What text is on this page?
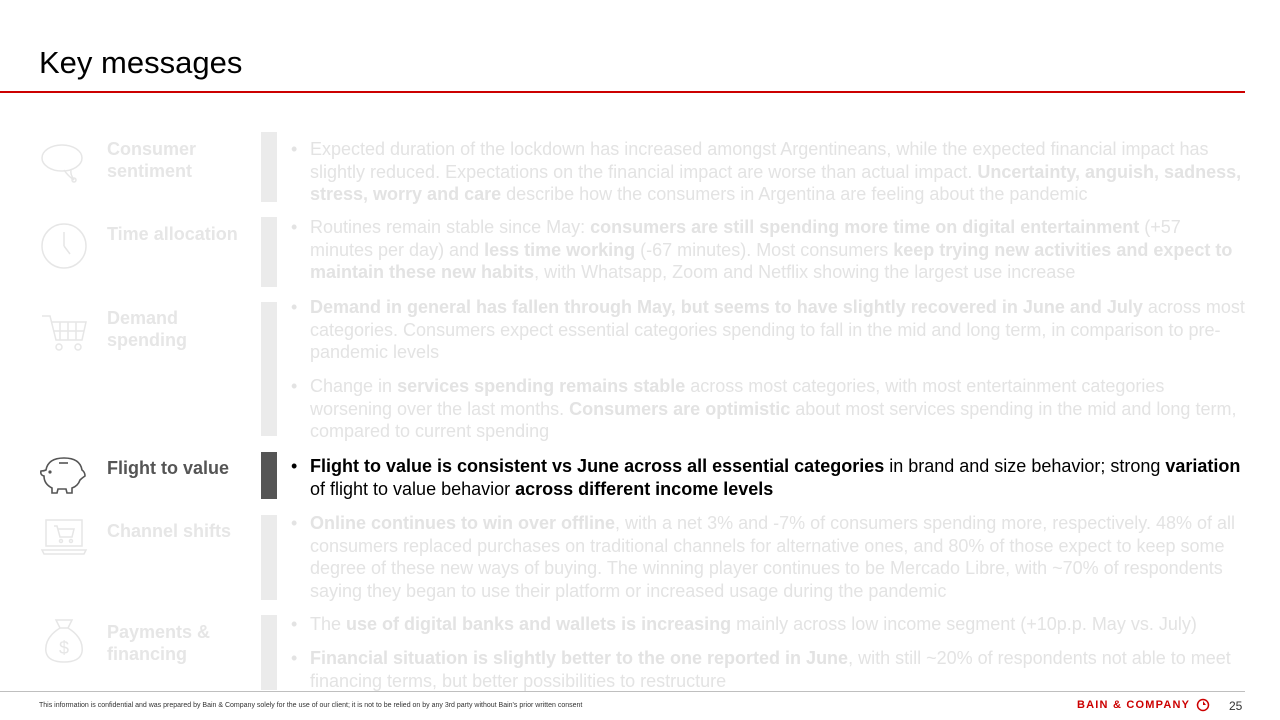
Key messages
Consumer sentiment
• Expected duration of the lockdown has increased amongst Argentineans, while the expected financial impact has slightly reduced. Expectations on the financial impact are worse than actual impact. Uncertainty, anguish, sadness, stress, worry and care describe how the consumers in Argentina are feeling about the pandemic
Time allocation	• Routines remain stable since May: consumers are still spending more time on digital entertainment (+57 minutes per day) and less time working (-67 minutes). Most consumers keep trying new activities and expect to maintain these new habits, with Whatsapp, Zoom and Netflix showing the largest use increase
Demand spending
• Demand in general has fallen through May, but seems to have slightly recovered in June and July across most categories. Consumers expect essential categories spending to fall in the mid and long term, in comparison to pre-pandemic levels
• Change in services spending remains stable across most categories, with most entertainment categories worsening over the last months. Consumers are optimistic about most services spending in the mid and long term, compared to current spending
Flight to value	• Flight to value is consistent vs June across all essential categories in brand and size behavior; strong variation of flight to value behavior across different income levels
Channel shifts	• Online continues to win over offline, with a net 3% and -7% of consumers spending more, respectively. 48% of all consumers replaced purchases on traditional channels for alternative ones, and 80% of those expect to keep some degree of these new ways of buying. The winning player continues to be Mercado Libre, with ~70% of respondents saying they began to use their platform or increased usage during the pandemic
$
Payments & financing
• The use of digital banks and wallets is increasing mainly across low income segment (+10p.p. May vs. July)
• Financial situation is slightly better to the one reported in June, with still ~20% of respondents not able to meet financing terms, but better possibilities to restructure
This information is confidential and was prepared by Bain & Company solely for the use of our client; it is not to be relied on by any 3rd party without Bain's prior written consent	BAIN & COMPANY	25
